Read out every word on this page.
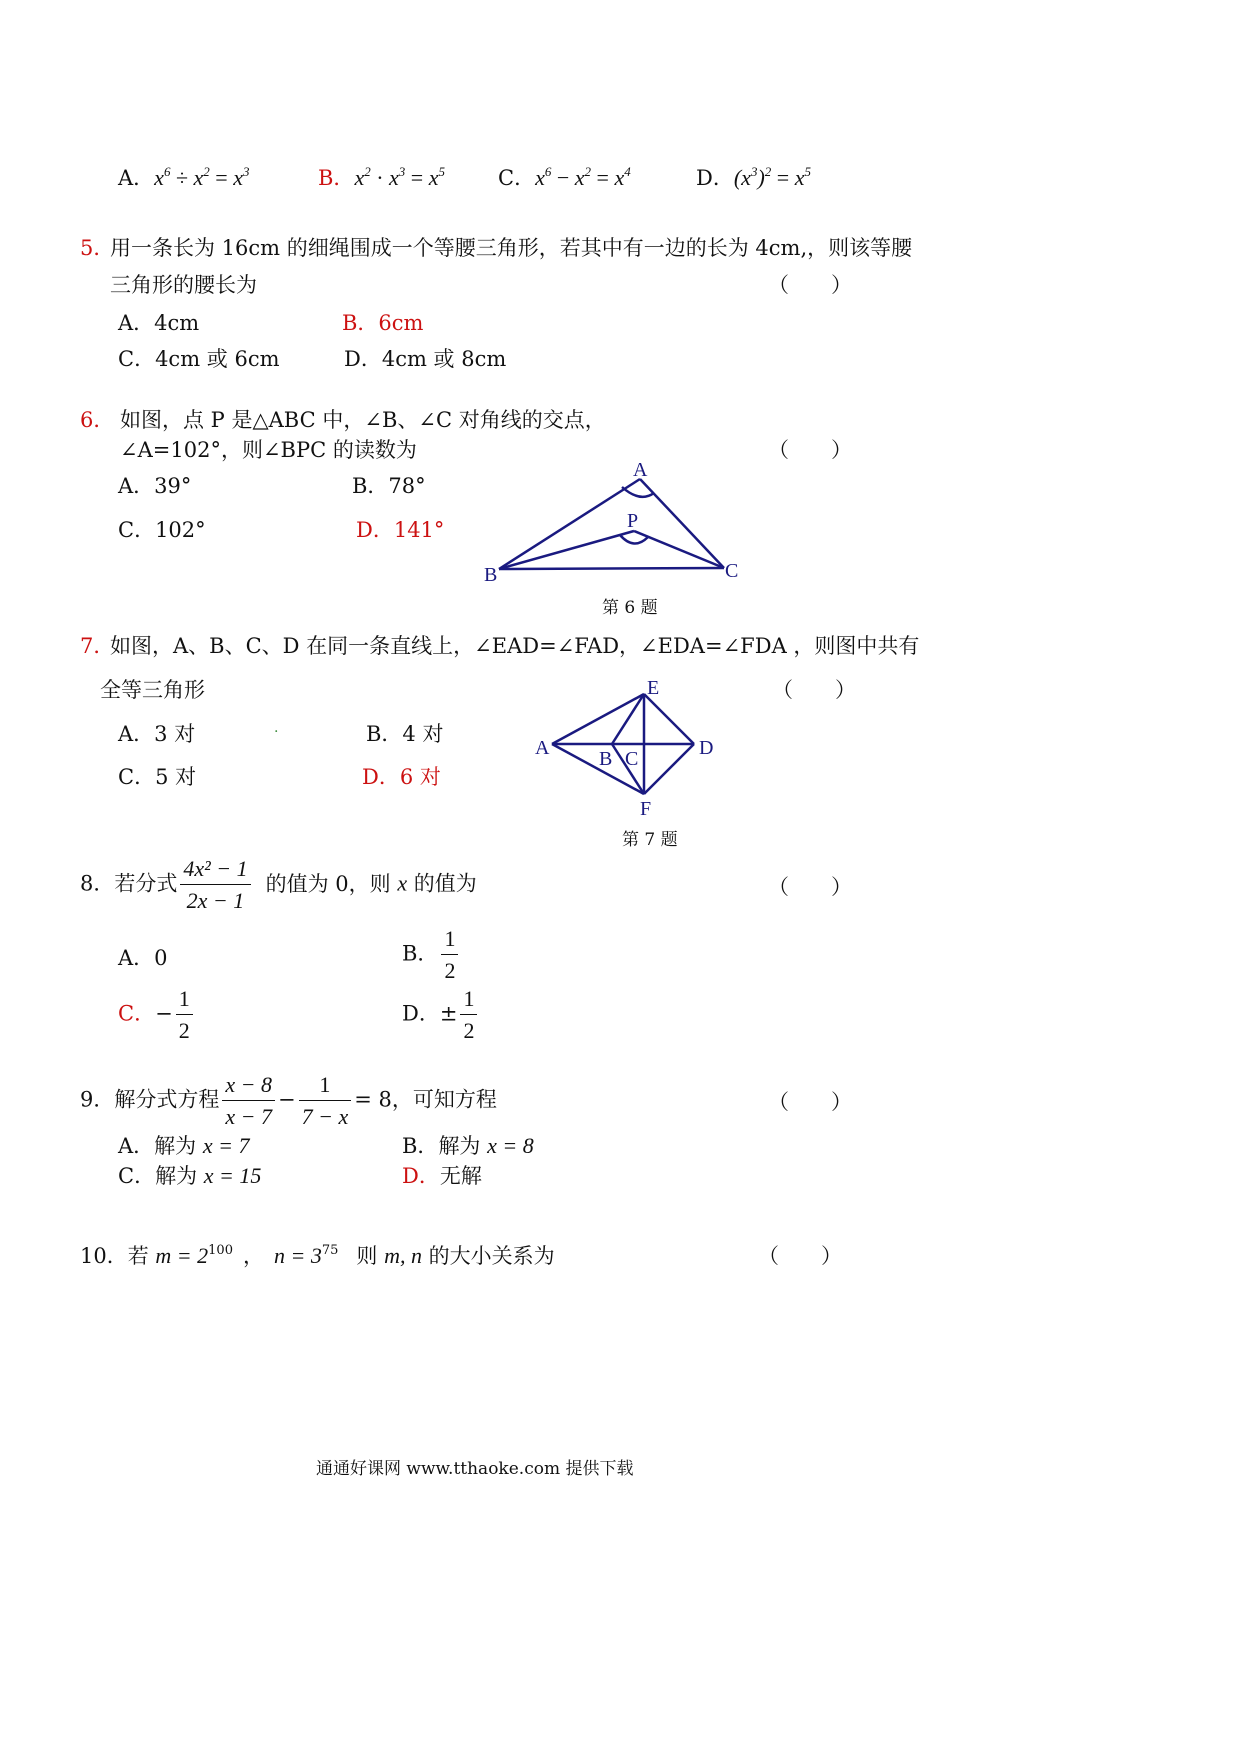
A．$x^6 \div x^2 = x^3$	B．$x^2 \cdot x^3 = x^5$	C．$x^6 - x^2 = x^4$	D．$(x^3)^2 = x^5$
5．
用一条长为 16cm 的细绳围成一个等腰三角形，若其中有一边的长为 4cm,，则该等腰
三角形的腰长为	（　　）
A．4cm	B．6cm
C．4cm 或 6cm	D．4cm 或 8cm
6． 如图，点 P 是△ABC 中，∠B、∠C 对角线的交点，
∠A=102°，则∠BPC 的读数为	（　　）
A．39°	B．78°
C．102°	D．141°
A
P
B	C
第 6 题
7．
如图，A、B、C、D 在同一条直线上，∠EAD=∠FAD，∠EDA=∠FDA ，则图中共有
全等三角形	（　　）
A．3 对	.	B．4 对
C．5 对	D．6 对
E
A B C	D
F
第 7 题
8．若分式 $\frac{\text{4x² − 1}}{2x - 1}$ 的值为 0，则 x 的值为	（　　）
A．0	B． $\frac{1}{2}$
C．− $\frac{1}{2}$	D．± $\frac{1}{2}$
9．解分式方程 $\frac{x - 8}{x - 7} - \frac{1}{7 - x} = 8$，可知方程	（　　）
A．解为 x = 7	B．解为 x = 8
C．解为 x = 15	D．无解
10．若 $m = 2^{100}$ ， $n = 3^{75}$ 则 m, n 的大小关系为	（　　）
通通好课网 www.tthaoke.com 提供下载
